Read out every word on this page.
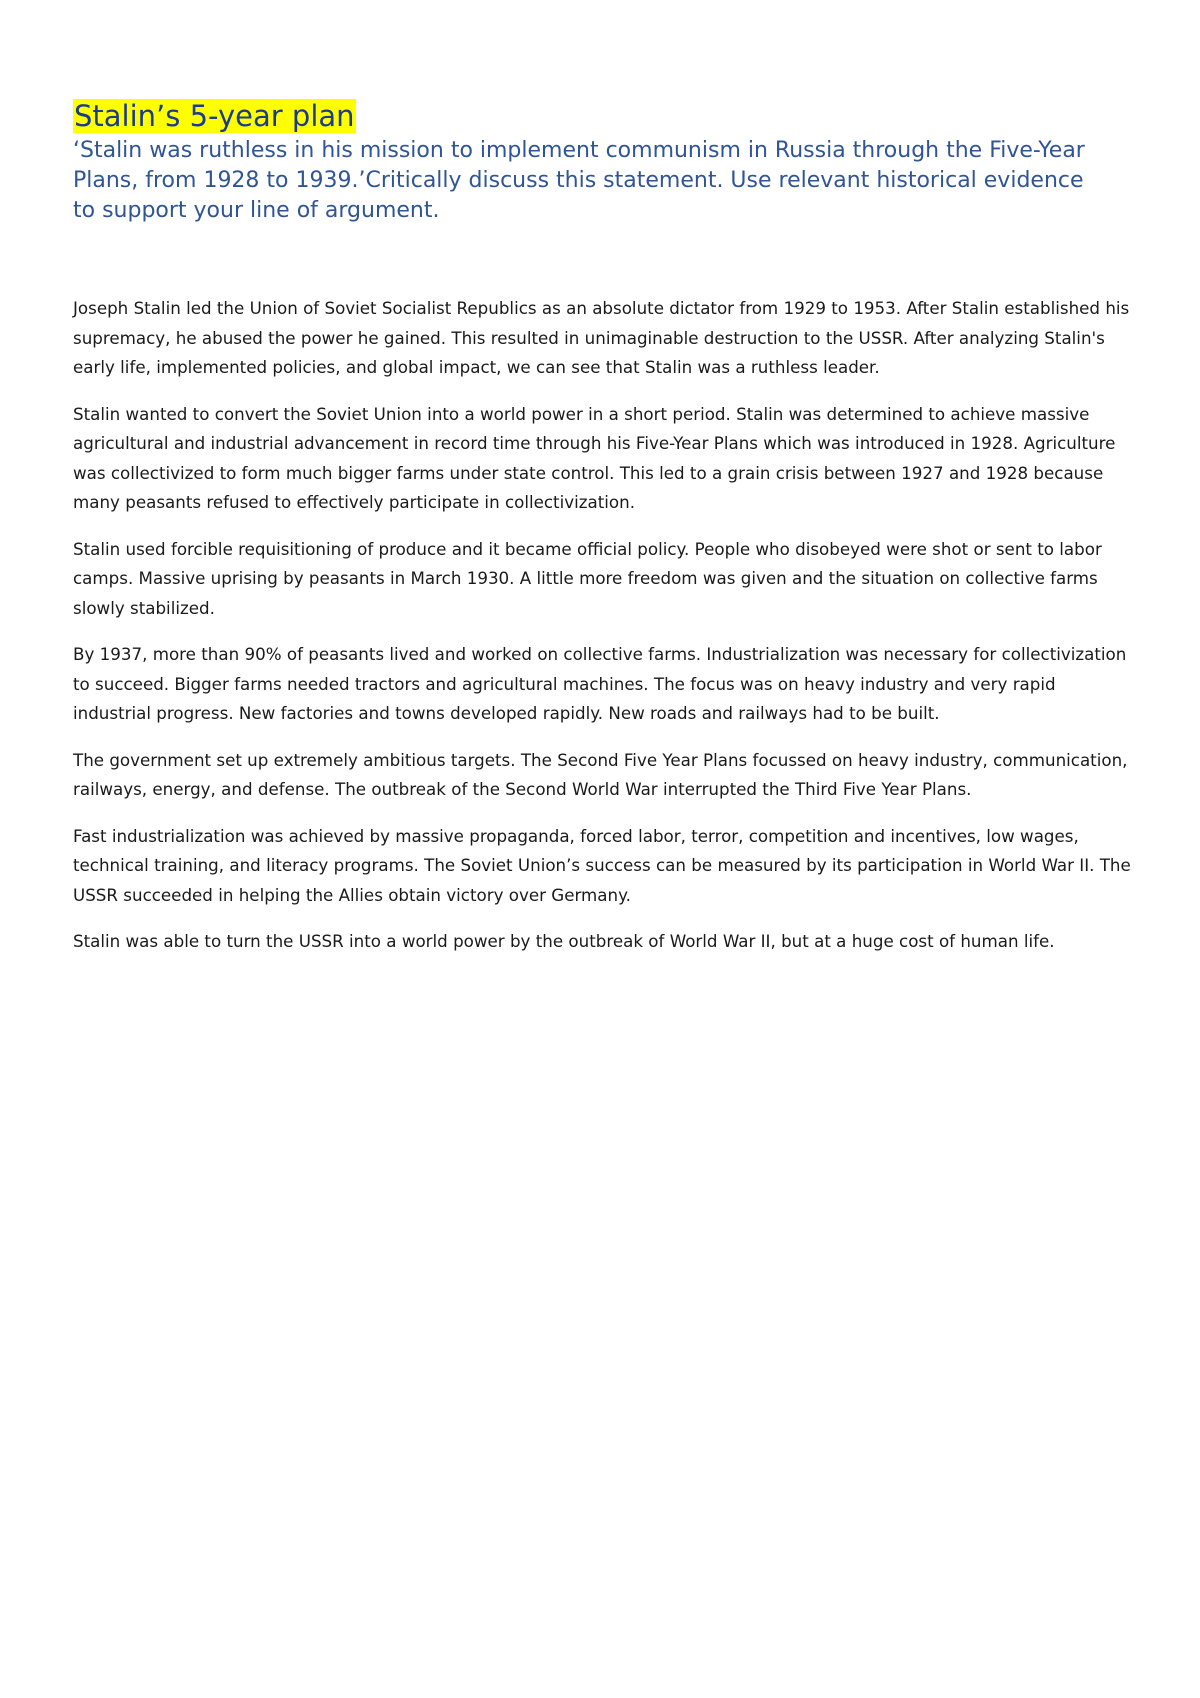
Stalin’s 5-year plan

‘Stalin was ruthless in his mission to implement communism in Russia through the Five-Year Plans, from 1928 to 1939.’Critically discuss this statement. Use relevant historical evidence to support your line of argument.

Joseph Stalin led the Union of Soviet Socialist Republics as an absolute dictator from 1929 to 1953. After Stalin established his supremacy, he abused the power he gained. This resulted in unimaginable destruction to the USSR. After analyzing Stalin's early life, implemented policies, and global impact, we can see that Stalin was a ruthless leader.

Stalin wanted to convert the Soviet Union into a world power in a short period. Stalin was determined to achieve massive agricultural and industrial advancement in record time through his Five-Year Plans which was introduced in 1928. Agriculture was collectivized to form much bigger farms under state control. This led to a grain crisis between 1927 and 1928 because many peasants refused to effectively participate in collectivization.

Stalin used forcible requisitioning of produce and it became official policy. People who disobeyed were shot or sent to labor camps. Massive uprising by peasants in March 1930. A little more freedom was given and the situation on collective farms slowly stabilized.

By 1937, more than 90% of peasants lived and worked on collective farms. Industrialization was necessary for collectivization to succeed. Bigger farms needed tractors and agricultural machines. The focus was on heavy industry and very rapid industrial progress. New factories and towns developed rapidly. New roads and railways had to be built.

The government set up extremely ambitious targets. The Second Five Year Plans focussed on heavy industry, communication, railways, energy, and defense. The outbreak of the Second World War interrupted the Third Five Year Plans.

Fast industrialization was achieved by massive propaganda, forced labor, terror, competition and incentives, low wages, technical training, and literacy programs. The Soviet Union’s success can be measured by its participation in World War II. The USSR succeeded in helping the Allies obtain victory over Germany.

Stalin was able to turn the USSR into a world power by the outbreak of World War II, but at a huge cost of human life.
